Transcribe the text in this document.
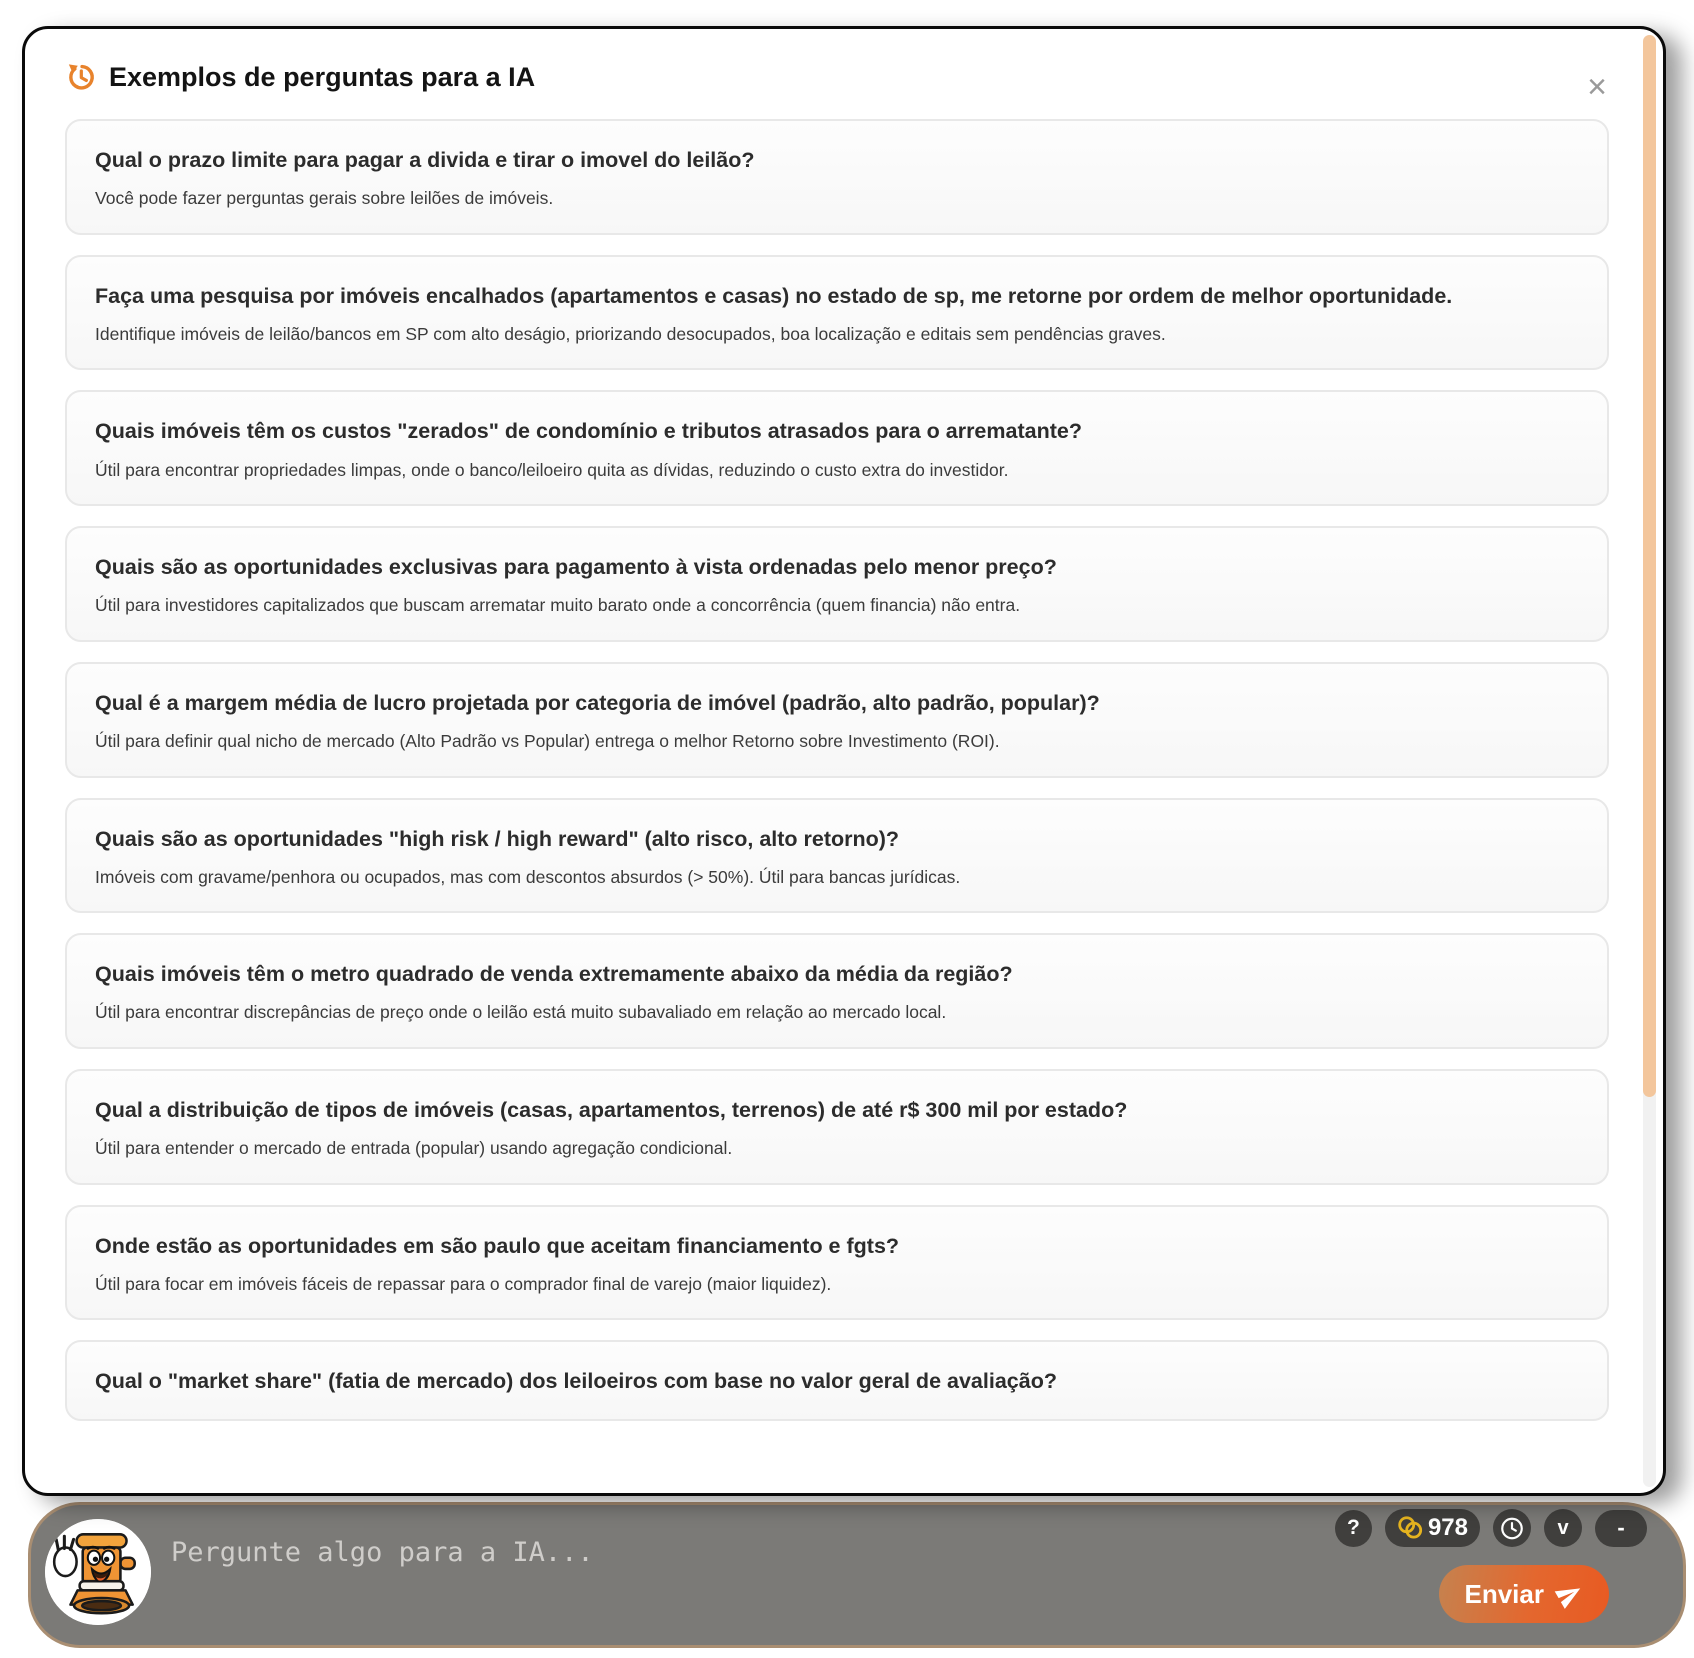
Pergunte algo para a IA...
?	978	v	-
Enviar
Exemplos de perguntas para a IA	×
Qual o prazo limite para pagar a divida e tirar o imovel do leilão?
Você pode fazer perguntas gerais sobre leilões de imóveis.
Faça uma pesquisa por imóveis encalhados (apartamentos e casas) no estado de sp, me retorne por ordem de melhor oportunidade.
Identifique imóveis de leilão/bancos em SP com alto deságio, priorizando desocupados, boa localização e editais sem pendências graves.
Quais imóveis têm os custos "zerados" de condomínio e tributos atrasados para o arrematante?
Útil para encontrar propriedades limpas, onde o banco/leiloeiro quita as dívidas, reduzindo o custo extra do investidor.
Quais são as oportunidades exclusivas para pagamento à vista ordenadas pelo menor preço?
Útil para investidores capitalizados que buscam arrematar muito barato onde a concorrência (quem financia) não entra.
Qual é a margem média de lucro projetada por categoria de imóvel (padrão, alto padrão, popular)?
Útil para definir qual nicho de mercado (Alto Padrão vs Popular) entrega o melhor Retorno sobre Investimento (ROI).
Quais são as oportunidades "high risk / high reward" (alto risco, alto retorno)?
Imóveis com gravame/penhora ou ocupados, mas com descontos absurdos (> 50%). Útil para bancas jurídicas.
Quais imóveis têm o metro quadrado de venda extremamente abaixo da média da região?
Útil para encontrar discrepâncias de preço onde o leilão está muito subavaliado em relação ao mercado local.
Qual a distribuição de tipos de imóveis (casas, apartamentos, terrenos) de até r$ 300 mil por estado?
Útil para entender o mercado de entrada (popular) usando agregação condicional.
Onde estão as oportunidades em são paulo que aceitam financiamento e fgts?
Útil para focar em imóveis fáceis de repassar para o comprador final de varejo (maior liquidez).
Qual o "market share" (fatia de mercado) dos leiloeiros com base no valor geral de avaliação?
